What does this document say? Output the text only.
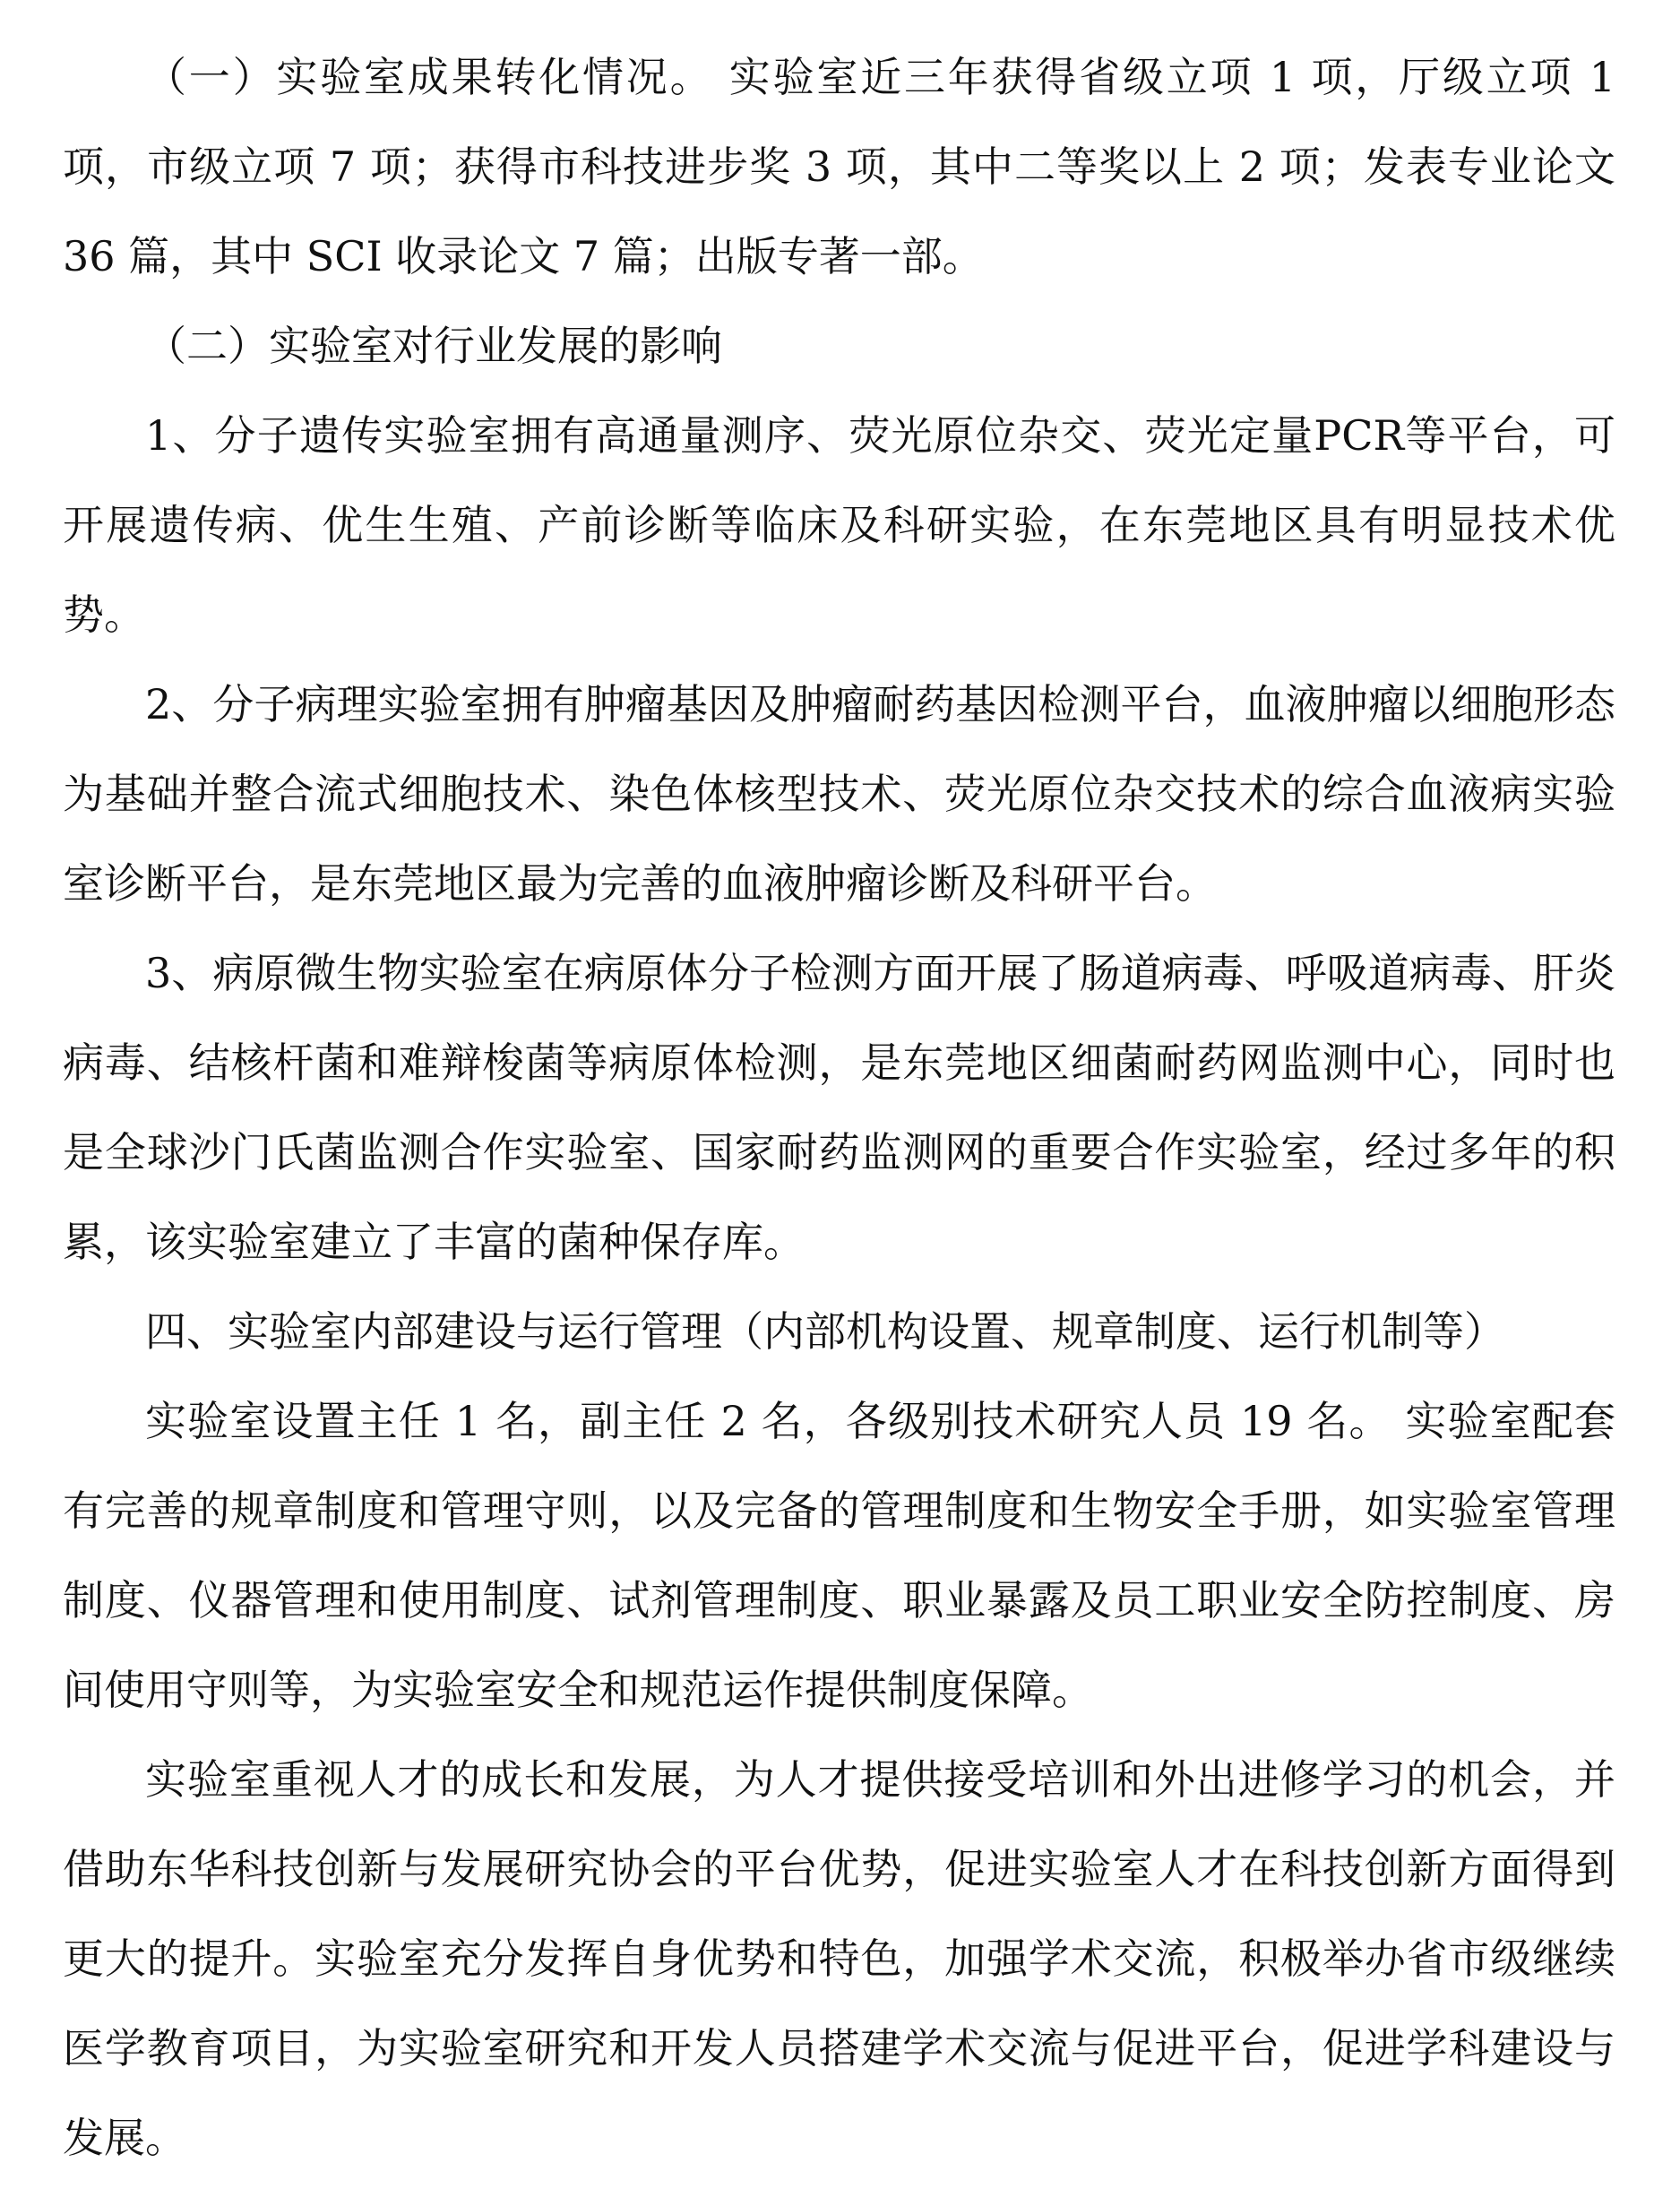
（一）实验室成果转化情况。 实验室近三年获得省级立项 1 项，厅级立项 1 项，市级立项 7 项；获得市科技进步奖 3 项，其中二等奖以上 2 项；发表专业论文 36 篇，其中 SCI 收录论文 7 篇；出版专著一部。

（二）实验室对行业发展的影响

1、分子遗传实验室拥有高通量测序、荧光原位杂交、荧光定量PCR等平台，可开展遗传病、优生生殖、产前诊断等临床及科研实验，在东莞地区具有明显技术优势。

2、分子病理实验室拥有肿瘤基因及肿瘤耐药基因检测平台，血液肿瘤以细胞形态为基础并整合流式细胞技术、染色体核型技术、荧光原位杂交技术的综合血液病实验室诊断平台，是东莞地区最为完善的血液肿瘤诊断及科研平台。

3、病原微生物实验室在病原体分子检测方面开展了肠道病毒、呼吸道病毒、肝炎病毒、结核杆菌和难辩梭菌等病原体检测，是东莞地区细菌耐药网监测中心，同时也是全球沙门氏菌监测合作实验室、国家耐药监测网的重要合作实验室，经过多年的积累，该实验室建立了丰富的菌种保存库。

四、实验室内部建设与运行管理（内部机构设置、规章制度、运行机制等）

实验室设置主任 1 名，副主任 2 名，各级别技术研究人员 19 名。 实验室配套有完善的规章制度和管理守则，以及完备的管理制度和生物安全手册，如实验室管理制度、仪器管理和使用制度、试剂管理制度、职业暴露及员工职业安全防控制度、房间使用守则等，为实验室安全和规范运作提供制度保障。

实验室重视人才的成长和发展，为人才提供接受培训和外出进修学习的机会，并借助东华科技创新与发展研究协会的平台优势，促进实验室人才在科技创新方面得到更大的提升。实验室充分发挥自身优势和特色，加强学术交流，积极举办省市级继续医学教育项目，为实验室研究和开发人员搭建学术交流与促进平台，促进学科建设与发展。
